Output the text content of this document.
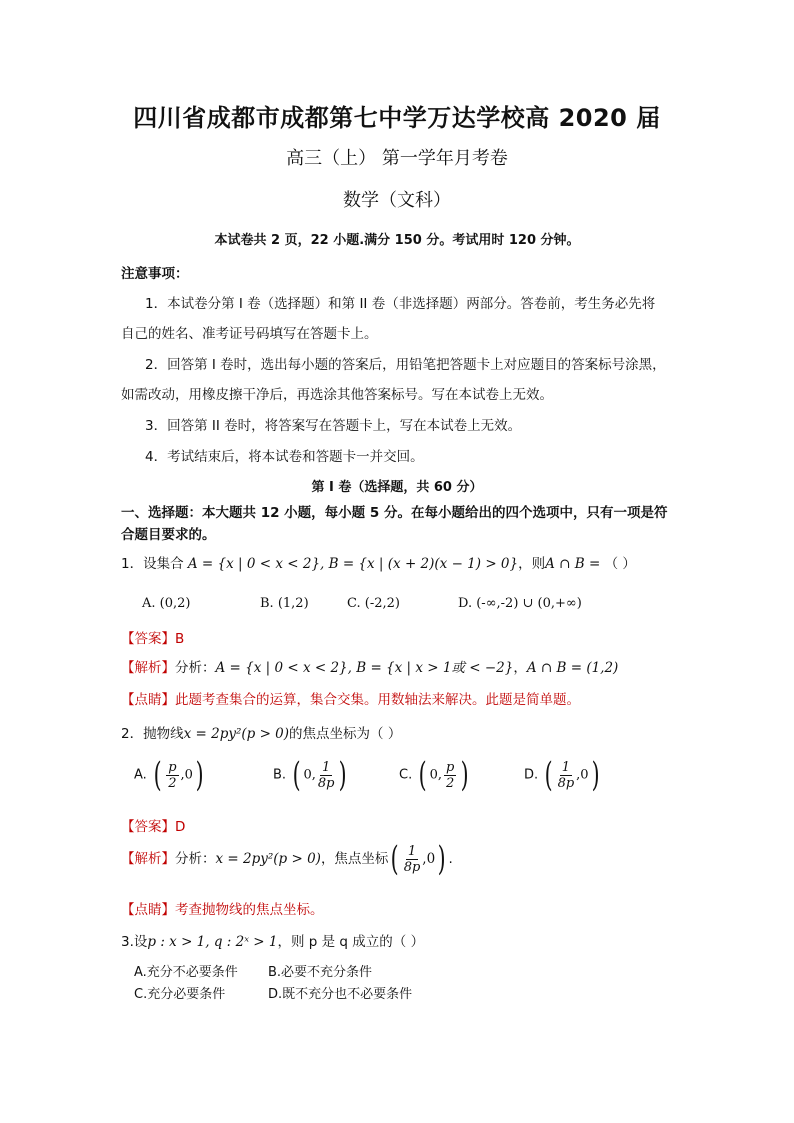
四川省成都市成都第七中学万达学校高 2020 届
高三（上） 第一学年月考卷
数学（文科）
本试卷共 2 页，22 小题.满分 150 分。考试用时 120 分钟。
注意事项：
1．本试卷分第 I 卷（选择题）和第 II 卷（非选择题）两部分。答卷前，考生务必先将
自己的姓名、准考证号码填写在答题卡上。
2．回答第 I 卷时，选出每小题的答案后，用铅笔把答题卡上对应题目的答案标号涂黑，
如需改动，用橡皮擦干净后，再选涂其他答案标号。写在本试卷上无效。
3．回答第 II 卷时，将答案写在答题卡上，写在本试卷上无效。
4．考试结束后，将本试卷和答题卡一并交回。
第 I 卷（选择题，共 60 分）
一、选择题：本大题共 12 小题，每小题 5 分。在每小题给出的四个选项中，只有一项是符
合题目要求的。
1．设集合 A = {x | 0 < x < 2}, B = {x | (x + 2)(x − 1) > 0}，则A ∩ B = （ ）
A. (0,2)	B. (1,2)	C. (-2,2)	D. (-∞,-2) ∪ (0,+∞)
【答案】B
【解析】分析：A = {x | 0 < x < 2}, B = {x | x > 1或 < −2}，A ∩ B = (1,2)
【点睛】此题考查集合的运算，集合交集。用数轴法来解决。此题是简单题。
2．抛物线x = 2py²(p > 0)的焦点坐标为（ ）
A. ( $\frac{p}{2} ,0$)	B. ( 0, $\frac{1}{8p}$ )	C. ( 0, $\frac{p}{2}$ )	D. ( $\frac{1}{8p} ,0$)
【答案】D
【解析】分析：x = 2py²(p > 0)，焦点坐标( $\frac{1}{8p} ,0$) .
【点睛】考查抛物线的焦点坐标。
3.设p : x > 1, q : 2ˣ > 1，则 p 是 q 成立的（ ）
A.充分不必要条件 B.必要不充分条件
C.充分必要条件	D.既不充分也不必要条件
